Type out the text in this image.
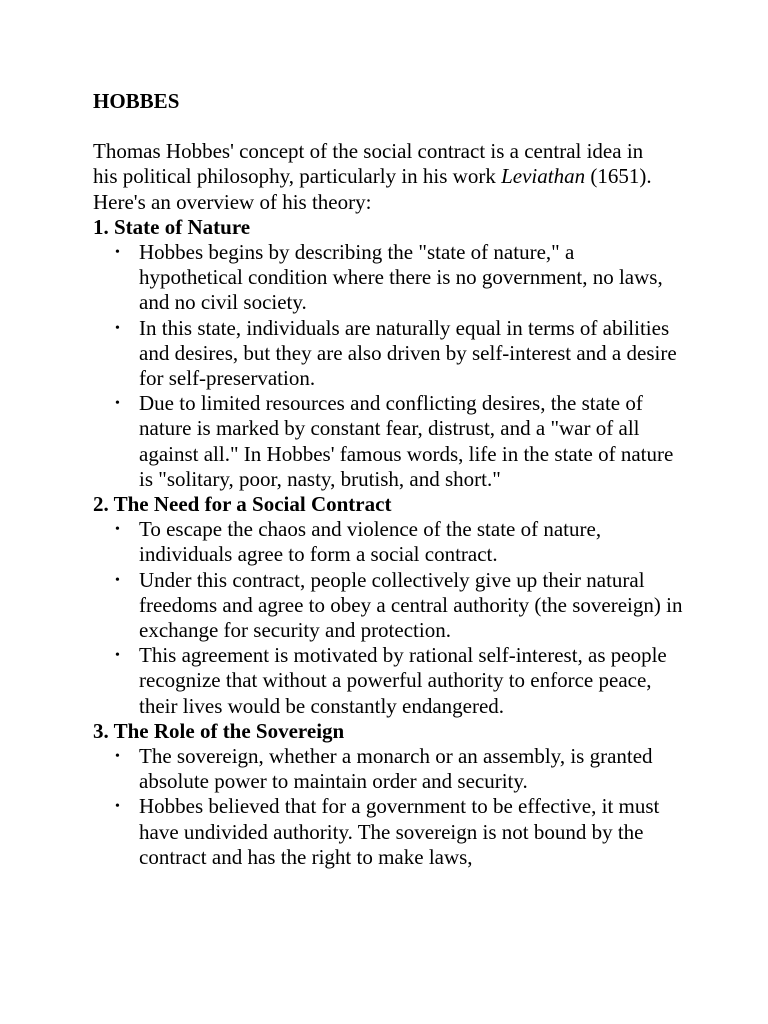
HOBBES

Thomas Hobbes' concept of the social contract is a central idea in his political philosophy, particularly in his work Leviathan (1651). Here's an overview of his theory:

1. State of Nature
• Hobbes begins by describing the "state of nature," a hypothetical condition where there is no government, no laws, and no civil society.
• In this state, individuals are naturally equal in terms of abilities and desires, but they are also driven by self-interest and a desire for self-preservation.
• Due to limited resources and conflicting desires, the state of nature is marked by constant fear, distrust, and a "war of all against all." In Hobbes' famous words, life in the state of nature is "solitary, poor, nasty, brutish, and short."
2. The Need for a Social Contract
• To escape the chaos and violence of the state of nature, individuals agree to form a social contract.
• Under this contract, people collectively give up their natural freedoms and agree to obey a central authority (the sovereign) in exchange for security and protection.
• This agreement is motivated by rational self-interest, as people recognize that without a powerful authority to enforce peace, their lives would be constantly endangered.
3. The Role of the Sovereign
• The sovereign, whether a monarch or an assembly, is granted absolute power to maintain order and security.
• Hobbes believed that for a government to be effective, it must have undivided authority. The sovereign is not bound by the contract and has the right to make laws,
